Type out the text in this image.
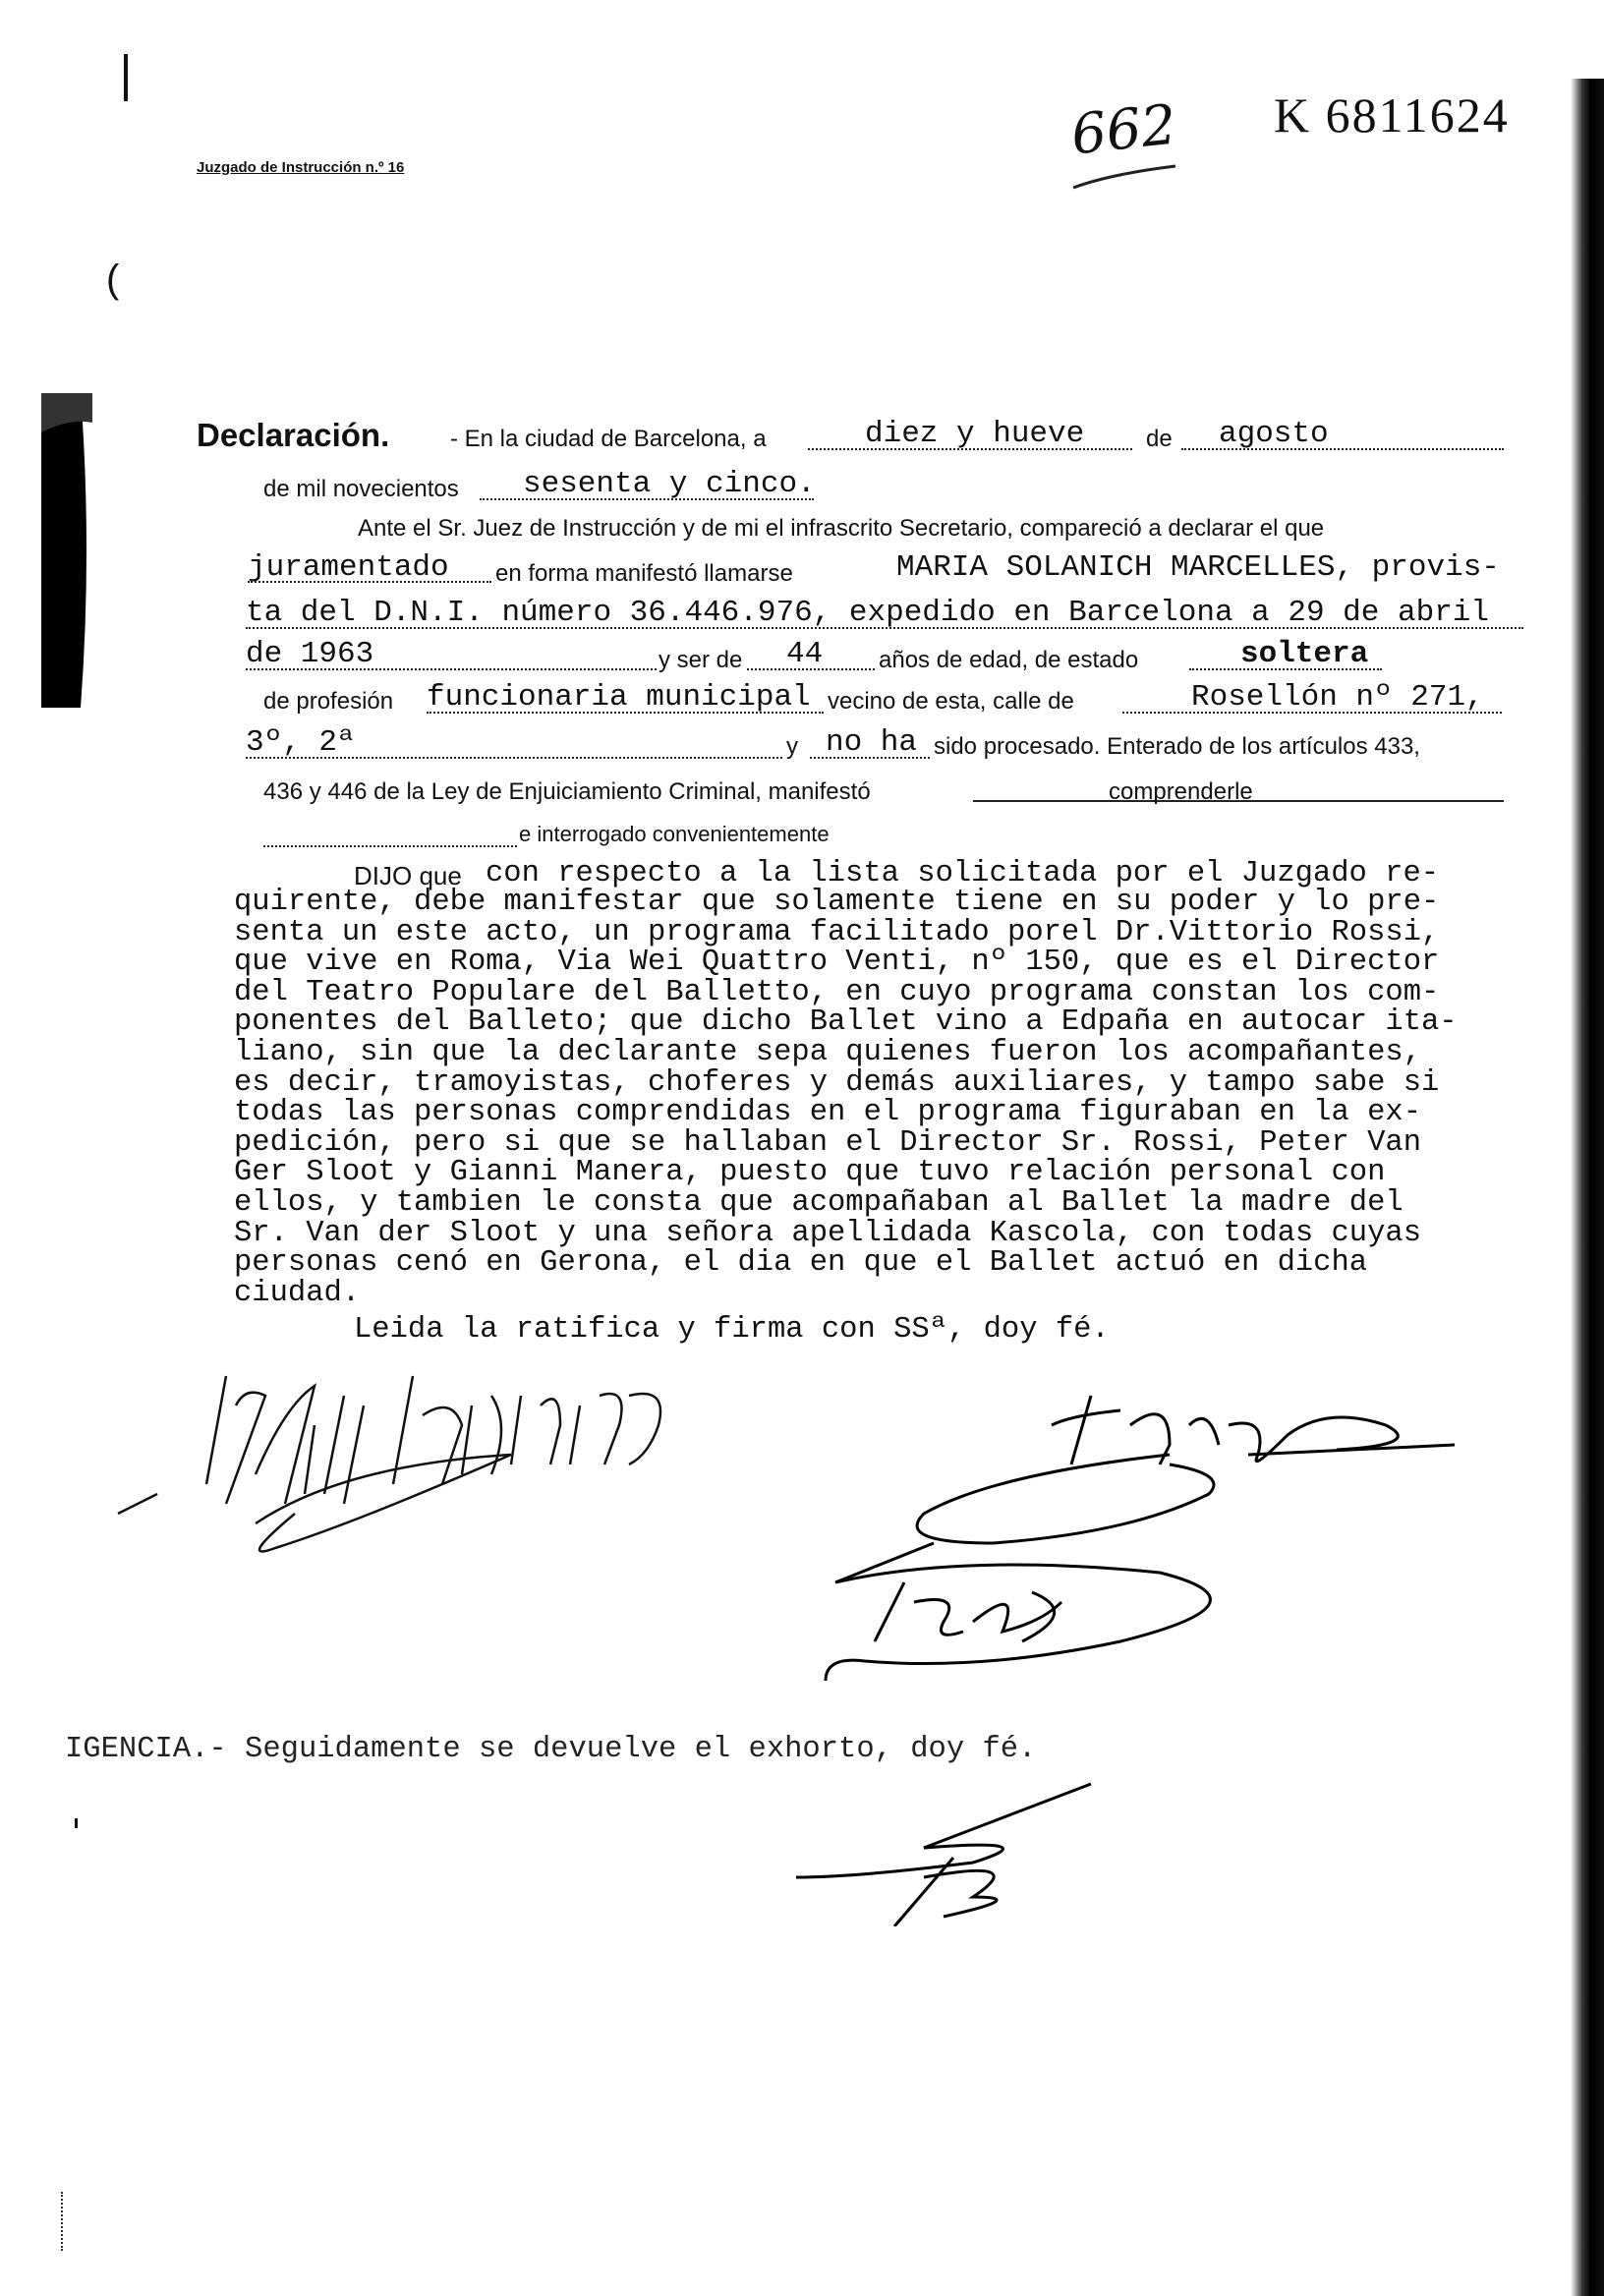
(
Juzgado de Instrucción n.º 16
662 K 6811624
Declaración.	- En la ciudad de Barcelona, a	diez y hueve	de agosto
de mil novecientos sesenta y cinco.
Ante el Sr. Juez de Instrucción y de mi el infrascrito Secretario, compareció a declarar el que
juramentado en forma manifestó llamarse	MARIA SOLANICH MARCELLES, provis-
ta del D.N.I. número 36.446.976, expedido en Barcelona a 29 de abril
de 1963	y ser de 44 años de edad, de estado	soltera
de profesión funcionaria municipal vecino de esta, calle de	Rosellón nº 271,
3º, 2ª	y no ha sido procesado. Enterado de los artículos 433,
436 y 446 de la Ley de Enjuiciamiento Criminal, manifestó	comprenderle
e interrogado convenientemente
DIJO que con respecto a la lista solicitada por el Juzgado re-
quirente, debe manifestar que solamente tiene en su poder y lo pre-
senta un este acto, un programa facilitado porel Dr.Vittorio Rossi,
que vive en Roma, Via Wei Quattro Venti, nº 150, que es el Director
del Teatro Populare del Balletto, en cuyo programa constan los com-
ponentes del Balleto; que dicho Ballet vino a Edpaña en autocar ita-
liano, sin que la declarante sepa quienes fueron los acompañantes,
es decir, tramoyistas, choferes y demás auxiliares, y tampo sabe si
todas las personas comprendidas en el programa figuraban en la ex-
pedición, pero si que se hallaban el Director Sr. Rossi, Peter Van
Ger Sloot y Gianni Manera, puesto que tuvo relación personal con
ellos, y tambien le consta que acompañaban al Ballet la madre del
Sr. Van der Sloot y una señora apellidada Kascola, con todas cuyas
personas cenó en Gerona, el dia en que el Ballet actuó en dicha
ciudad.
Leida la ratifica y firma con SSª, doy fé.
IGENCIA.- Seguidamente se devuelve el exhorto, doy fé.
